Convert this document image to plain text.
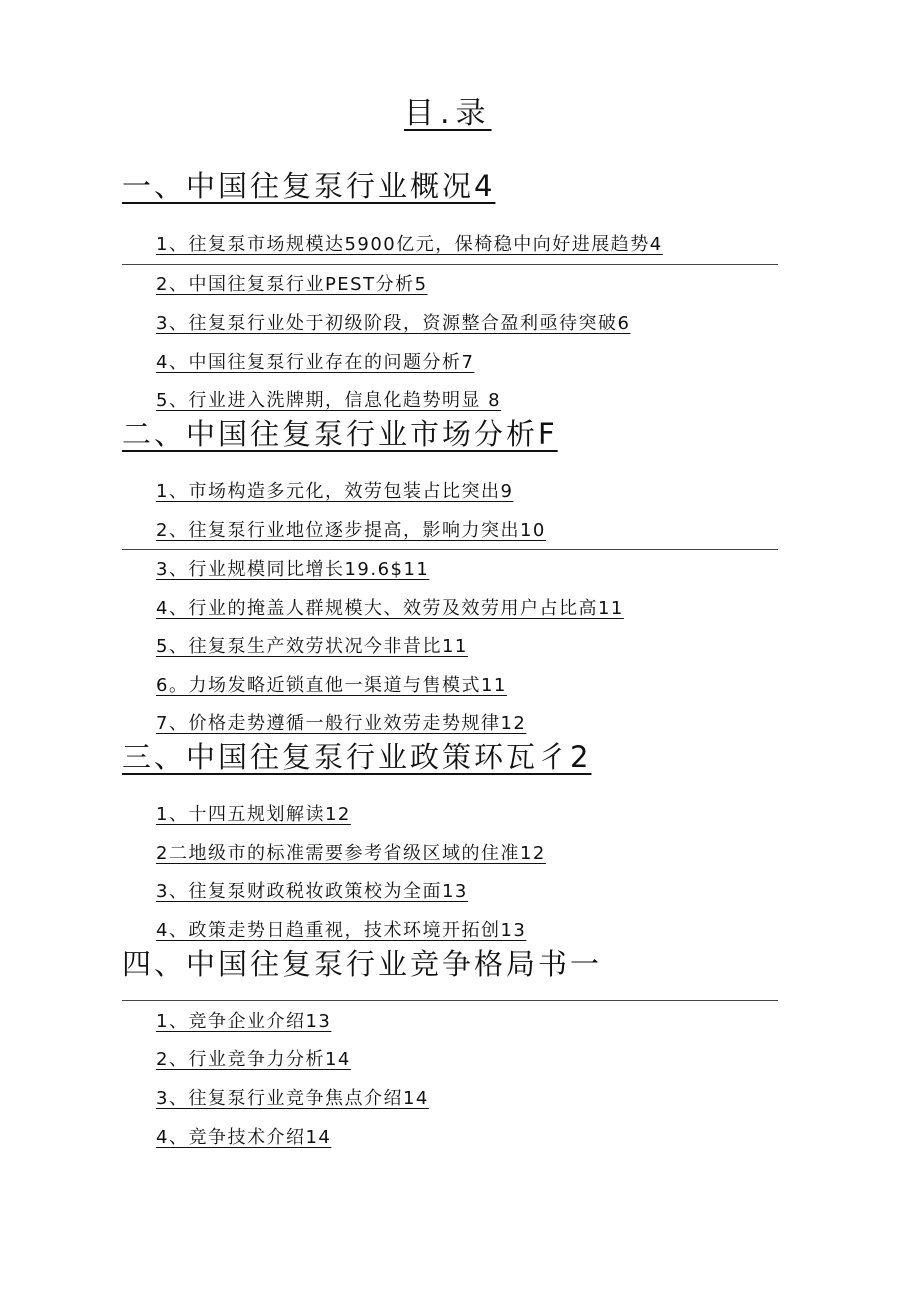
目.录
一、中国往复泵行业概况4
1、往复泵市场规模达5900亿元，保椅稳中向好进展趋势4
2、中国往复泵行业PEST分析5
3、往复泵行业处于初级阶段，资源整合盈利亟待突破6
4、中国往复泵行业存在的问题分析7
5、行业进入洗牌期，信息化趋势明显 8
二、中国往复泵行业市场分析F
1、市场构造多元化，效劳包装占比突出9
2、往复泵行业地位逐步提高，影响力突出10
3、行业规模同比增长19.6$11
4、行业的掩盖人群规模大、效劳及效劳用户占比高11
5、往复泵生产效劳状况今非昔比11
6。力场发略近锁直他一渠道与售模式11
7、价格走势遵循一般行业效劳走势规律12
三、中国往复泵行业政策环瓦彳2
1、十四五规划解读12
2二地级市的标准需要参考省级区域的住准12
3、往复泵财政税妆政策校为全面13
4、政策走势日趋重视，技术环境开拓创13
四、中国往复泵行业竞争格局书一
1、竞争企业介绍13
2、行业竞争力分析14
3、往复泵行业竞争焦点介绍14
4、竞争技术介绍14
